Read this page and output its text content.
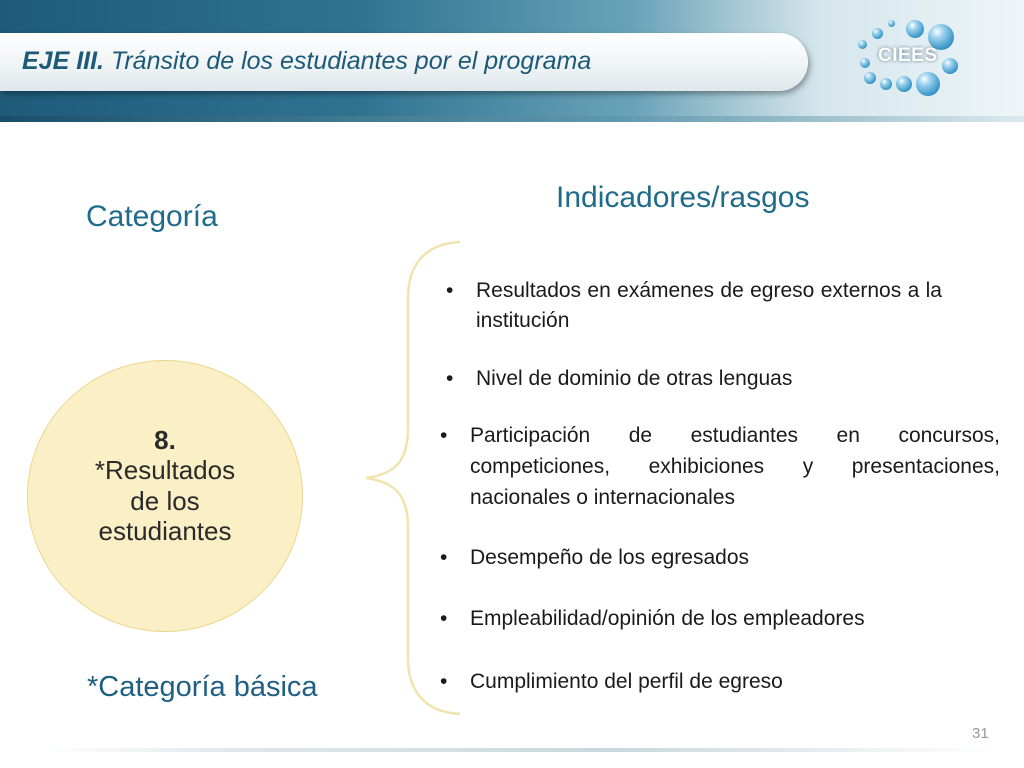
EJE III. Tránsito de los estudiantes por el programa	CIEES
Categoría
Indicadores/rasgos
8.
*Resultados
de los
estudiantes
• Resultados en exámenes de egreso externos a la institución
• Nivel de dominio de otras lenguas
• Participación de estudiantes en concursos, competiciones, exhibiciones y presentaciones, nacionales o internacionales
• Desempeño de los egresados
• Empleabilidad/opinión de los empleadores
• Cumplimiento del perfil de egreso
*Categoría básica
31
